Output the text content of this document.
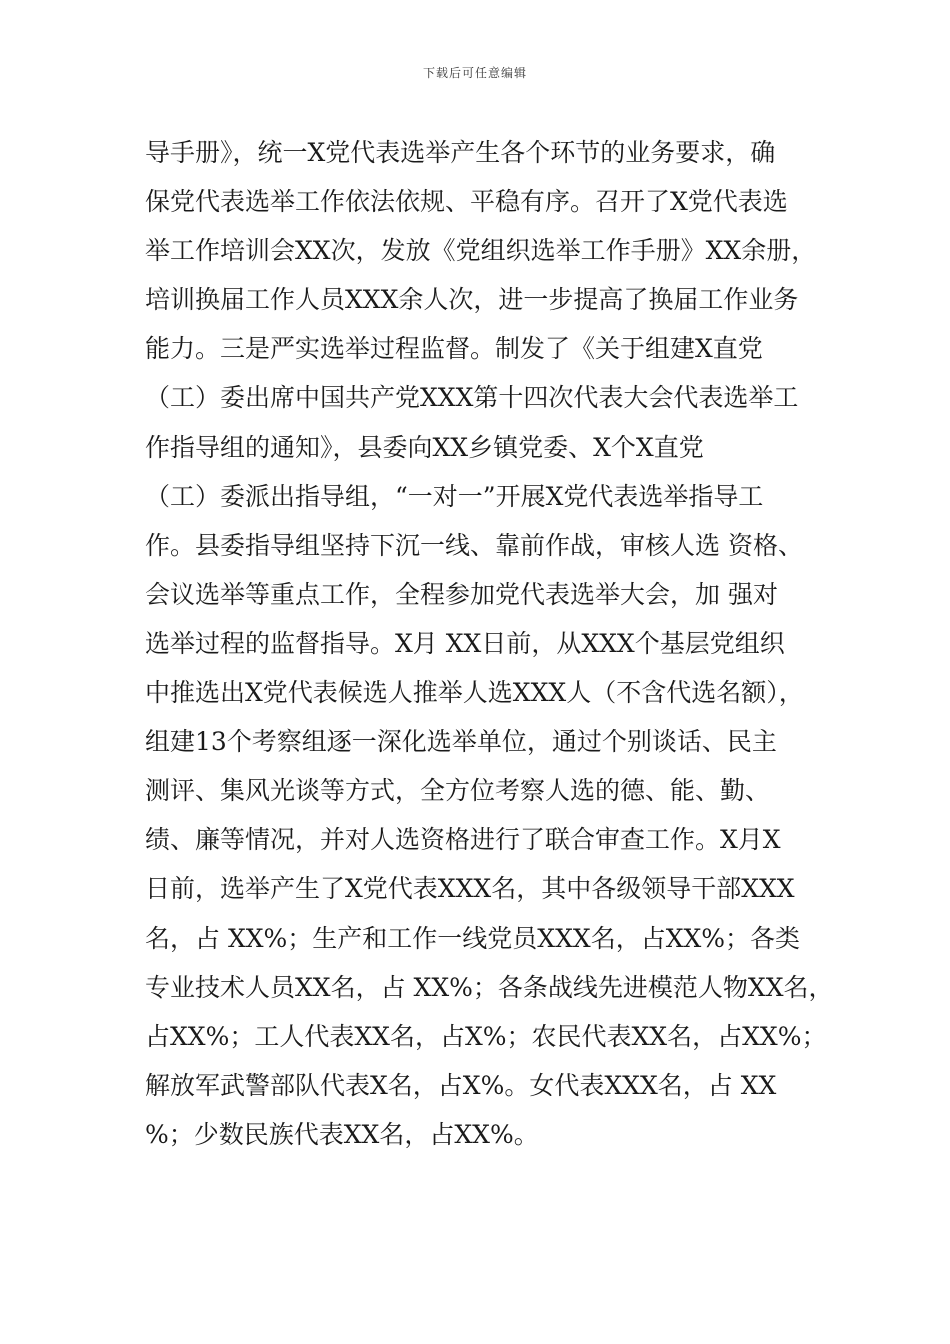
下载后可任意编辑
导手册》，统一X党代表选举产生各个环节的业务要求，确
保党代表选举工作依法依规、平稳有序。召开了X党代表选
举工作培训会XX次，发放《党组织选举工作手册》XX余册，
培训换届工作人员XXX余人次，进一步提高了换届工作业务
能力。三是严实选举过程监督。制发了《关于组建X直党
（工）委出席中国共产党XXX第十四次代表大会代表选举工
作指导组的通知》，县委向XX乡镇党委、X个X直党
（工）委派出指导组，“一对一”开展X党代表选举指导工
作。县委指导组坚持下沉一线、靠前作战，审核人选 资格、
会议选举等重点工作，全程参加党代表选举大会，加 强对
选举过程的监督指导。X月 XX日前，从XXX个基层党组织
中推选出X党代表候选人推举人选XXX人（不含代选名额），
组建13个考察组逐一深化选举单位，通过个别谈话、民主
测评、集风光谈等方式，全方位考察人选的德、能、勤、
绩、廉等情况，并对人选资格进行了联合审查工作。X月X
日前，选举产生了X党代表XXX名，其中各级领导干部XXX
名，占 XX%；生产和工作一线党员XXX名，占XX%；各类
专业技术人员XX名，占 XX%；各条战线先进模范人物XX名，
占XX%；工人代表XX名，占X%；农民代表XX名，占XX%；
解放军武警部队代表X名，占X%。女代表XXX名，占 XX
%；少数民族代表XX名，占XX%。
